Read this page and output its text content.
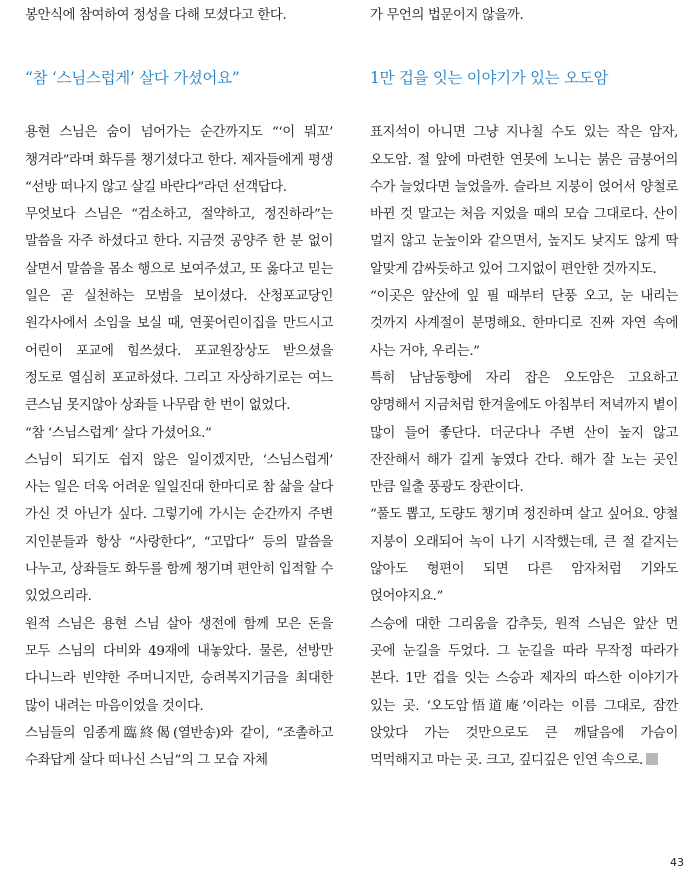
봉안식에 참여하여 정성을 다해 모셨다고 한다.

“참 ‘스님스럽게’ 살다 가셨어요”

용현 스님은 숨이 넘어가는 순간까지도 “‘이 뭐꼬’ 챙겨라”라며 화두를 챙기셨다고 한다. 제자들에게 평생 “선방 떠나지 않고 살길 바란다”라던 선객답다.

무엇보다 스님은 “검소하고, 절약하고, 정진하라”는 말씀을 자주 하셨다고 한다. 지금껏 공양주 한 분 없이 살면서 말씀을 몸소 행으로 보여주셨고, 또 옳다고 믿는 일은 곧 실천하는 모범을 보이셨다. 산청포교당인 원각사에서 소임을 보실 때, 연꽃어린이집을 만드시고 어린이 포교에 힘쓰셨다. 포교원장상도 받으셨을 정도로 열심히 포교하셨다. 그리고 자상하기로는 여느 큰스님 못지않아 상좌들 나무람 한 번이 없었다.

“참 ‘스님스럽게’ 살다 가셨어요.”

스님이 되기도 쉽지 않은 일이겠지만, ‘스님스럽게’ 사는 일은 더욱 어려운 일일진대 한마디로 참 삶을 살다 가신 것 아닌가 싶다. 그렇기에 가시는 순간까지 주변 지인분들과 항상 “사랑한다”, “고맙다” 등의 말씀을 나누고, 상좌들도 화두를 함께 챙기며 편안히 입적할 수 있었으리라.

원적 스님은 용현 스님 살아 생전에 함께 모은 돈을 모두 스님의 다비와 49재에 내놓았다. 물론, 선방만 다니느라 빈약한 주머니지만, 승려복지기금을 최대한 많이 내려는 마음이었을 것이다.

스님들의 임종게臨終偈(열반송)와 같이, “조촐하고 수좌답게 살다 떠나신 스님”의 그 모습 자체

가 무언의 법문이지 않을까.

1만 겁을 잇는 이야기가 있는 오도암

표지석이 아니면 그냥 지나칠 수도 있는 작은 암자, 오도암. 절 앞에 마련한 연못에 노니는 붉은 금붕어의 수가 늘었다면 늘었을까. 슬라브 지붕이 얹어서 양철로 바뀐 것 말고는 처음 지었을 때의 모습 그대로다. 산이 멀지 않고 눈높이와 같으면서, 높지도 낮지도 않게 딱 알맞게 감싸듯하고 있어 그지없이 편안한 것까지도.

“이곳은 앞산에 잎 필 때부터 단풍 오고, 눈 내리는 것까지 사계절이 분명해요. 한마디로 진짜 자연 속에 사는 거야, 우리는.”

특히 남남동향에 자리 잡은 오도암은 고요하고 양명해서 지금처럼 한겨울에도 아침부터 저녁까지 볕이 많이 들어 좋단다. 더군다나 주변 산이 높지 않고 잔잔해서 해가 길게 놓였다 간다. 해가 잘 노는 곳인 만큼 일출 풍광도 장관이다.

“풀도 뽑고, 도량도 챙기며 정진하며 살고 싶어요. 양철 지붕이 오래되어 녹이 나기 시작했는데, 큰 절 같지는 않아도 형편이 되면 다른 암자처럼 기와도 얹어야지요.”

스승에 대한 그리움을 감추듯, 원적 스님은 앞산 먼 곳에 눈길을 두었다. 그 눈길을 따라 무작정 따라가 본다. 1만 겁을 잇는 스승과 제자의 따스한 이야기가 있는 곳. ‘오도암悟道庵’이라는 이름 그대로, 잠깐 앉았다 가는 것만으로도 큰 깨달음에 가슴이 먹먹해지고 마는 곳. 크고, 깊디깊은 인연 속으로.

43
